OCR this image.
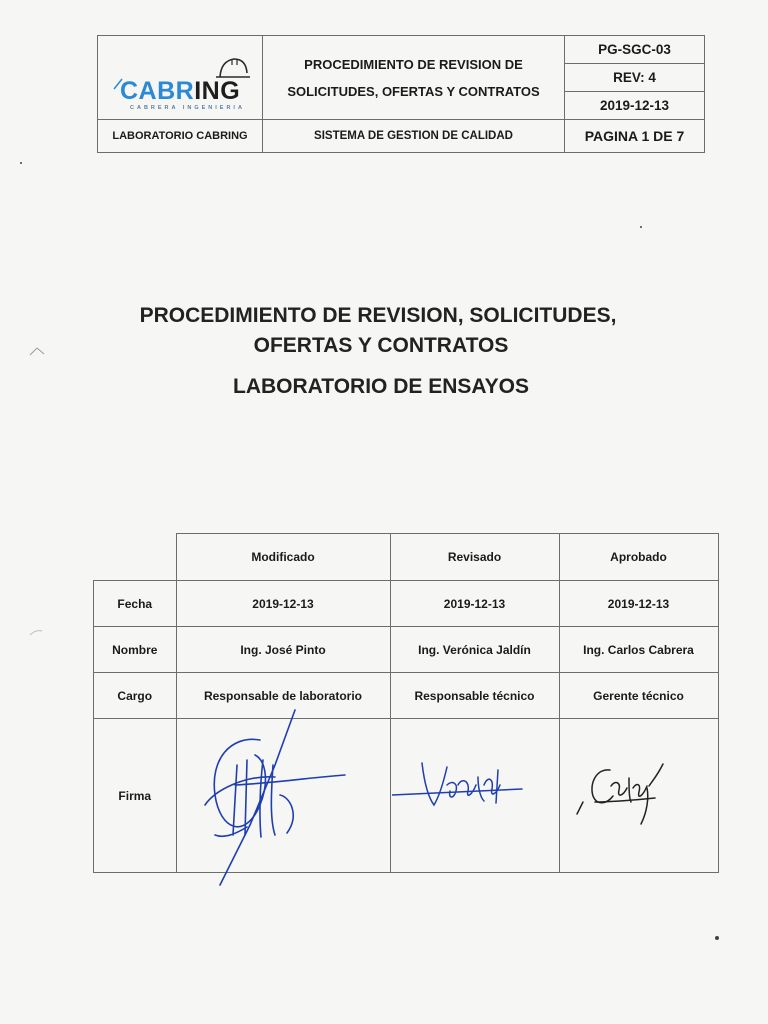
CABRING
CABRERA INGENIERIA	PROCEDIMIENTO DE REVISION DE SOLICITUDES, OFERTAS Y CONTRATOS	PG-SGC-03
		REV: 4
		2019-12-13
LABORATORIO CABRING	SISTEMA DE GESTION DE CALIDAD	PAGINA 1 DE 7
PROCEDIMIENTO DE REVISION, SOLICITUDES,
OFERTAS Y CONTRATOS
LABORATORIO DE ENSAYOS
	Modificado	Revisado	Aprobado
Fecha	2019-12-13	2019-12-13	2019-12-13
Nombre	Ing. José Pinto	Ing. Verónica Jaldín	Ing. Carlos Cabrera
Cargo	Responsable de laboratorio	Responsable técnico	Gerente técnico
Firma			
